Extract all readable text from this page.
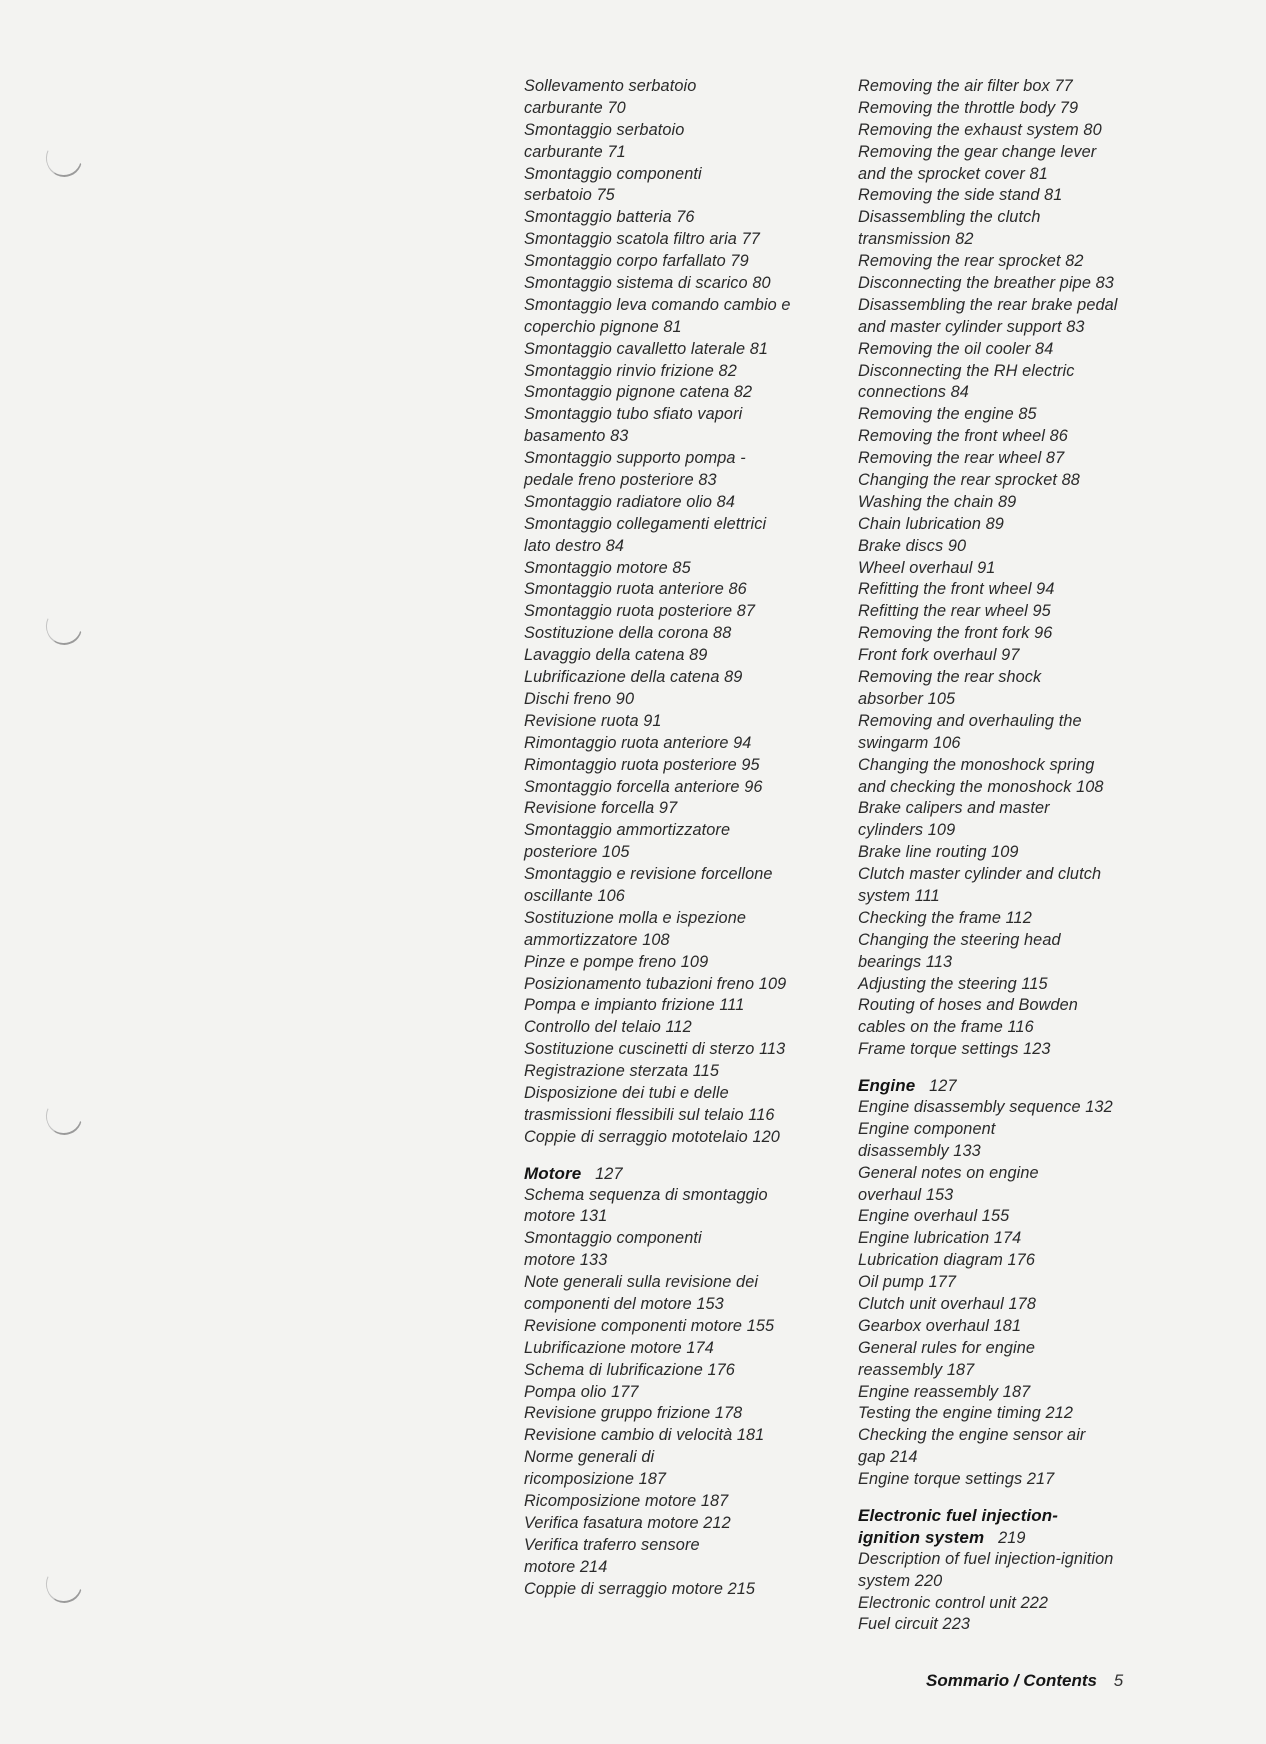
Sollevamento serbatoio
carburante 70
Smontaggio serbatoio
carburante 71
Smontaggio componenti
serbatoio 75
Smontaggio batteria 76
Smontaggio scatola filtro aria 77
Smontaggio corpo farfallato 79
Smontaggio sistema di scarico 80
Smontaggio leva comando cambio e
coperchio pignone 81
Smontaggio cavalletto laterale 81
Smontaggio rinvio frizione 82
Smontaggio pignone catena 82
Smontaggio tubo sfiato vapori
basamento 83
Smontaggio supporto pompa -
pedale freno posteriore 83
Smontaggio radiatore olio 84
Smontaggio collegamenti elettrici
lato destro 84
Smontaggio motore 85
Smontaggio ruota anteriore 86
Smontaggio ruota posteriore 87
Sostituzione della corona 88
Lavaggio della catena 89
Lubrificazione della catena 89
Dischi freno 90
Revisione ruota 91
Rimontaggio ruota anteriore 94
Rimontaggio ruota posteriore 95
Smontaggio forcella anteriore 96
Revisione forcella 97
Smontaggio ammortizzatore
posteriore 105
Smontaggio e revisione forcellone
oscillante 106
Sostituzione molla e ispezione
ammortizzatore 108
Pinze e pompe freno 109
Posizionamento tubazioni freno 109
Pompa e impianto frizione 111
Controllo del telaio 112
Sostituzione cuscinetti di sterzo 113
Registrazione sterzata 115
Disposizione dei tubi e delle
trasmissioni flessibili sul telaio 116
Coppie di serraggio mototelaio 120
Motore 127
Schema sequenza di smontaggio
motore 131
Smontaggio componenti
motore 133
Note generali sulla revisione dei
componenti del motore 153
Revisione componenti motore 155
Lubrificazione motore 174
Schema di lubrificazione 176
Pompa olio 177
Revisione gruppo frizione 178
Revisione cambio di velocità 181
Norme generali di
ricomposizione 187
Ricomposizione motore 187
Verifica fasatura motore 212
Verifica traferro sensore
motore 214
Coppie di serraggio motore 215
Removing the air filter box 77
Removing the throttle body 79
Removing the exhaust system 80
Removing the gear change lever
and the sprocket cover 81
Removing the side stand 81
Disassembling the clutch
transmission 82
Removing the rear sprocket 82
Disconnecting the breather pipe 83
Disassembling the rear brake pedal
and master cylinder support 83
Removing the oil cooler 84
Disconnecting the RH electric
connections 84
Removing the engine 85
Removing the front wheel 86
Removing the rear wheel 87
Changing the rear sprocket 88
Washing the chain 89
Chain lubrication 89
Brake discs 90
Wheel overhaul 91
Refitting the front wheel 94
Refitting the rear wheel 95
Removing the front fork 96
Front fork overhaul 97
Removing the rear shock
absorber 105
Removing and overhauling the
swingarm 106
Changing the monoshock spring
and checking the monoshock 108
Brake calipers and master
cylinders 109
Brake line routing 109
Clutch master cylinder and clutch
system 111
Checking the frame 112
Changing the steering head
bearings 113
Adjusting the steering 115
Routing of hoses and Bowden
cables on the frame 116
Frame torque settings 123
Engine 127
Engine disassembly sequence 132
Engine component
disassembly 133
General notes on engine
overhaul 153
Engine overhaul 155
Engine lubrication 174
Lubrication diagram 176
Oil pump 177
Clutch unit overhaul 178
Gearbox overhaul 181
General rules for engine
reassembly 187
Engine reassembly 187
Testing the engine timing 212
Checking the engine sensor air
gap 214
Engine torque settings 217
Electronic fuel injection-
ignition system 219
Description of fuel injection-ignition
system 220
Electronic control unit 222
Fuel circuit 223
Sommario / Contents 5
